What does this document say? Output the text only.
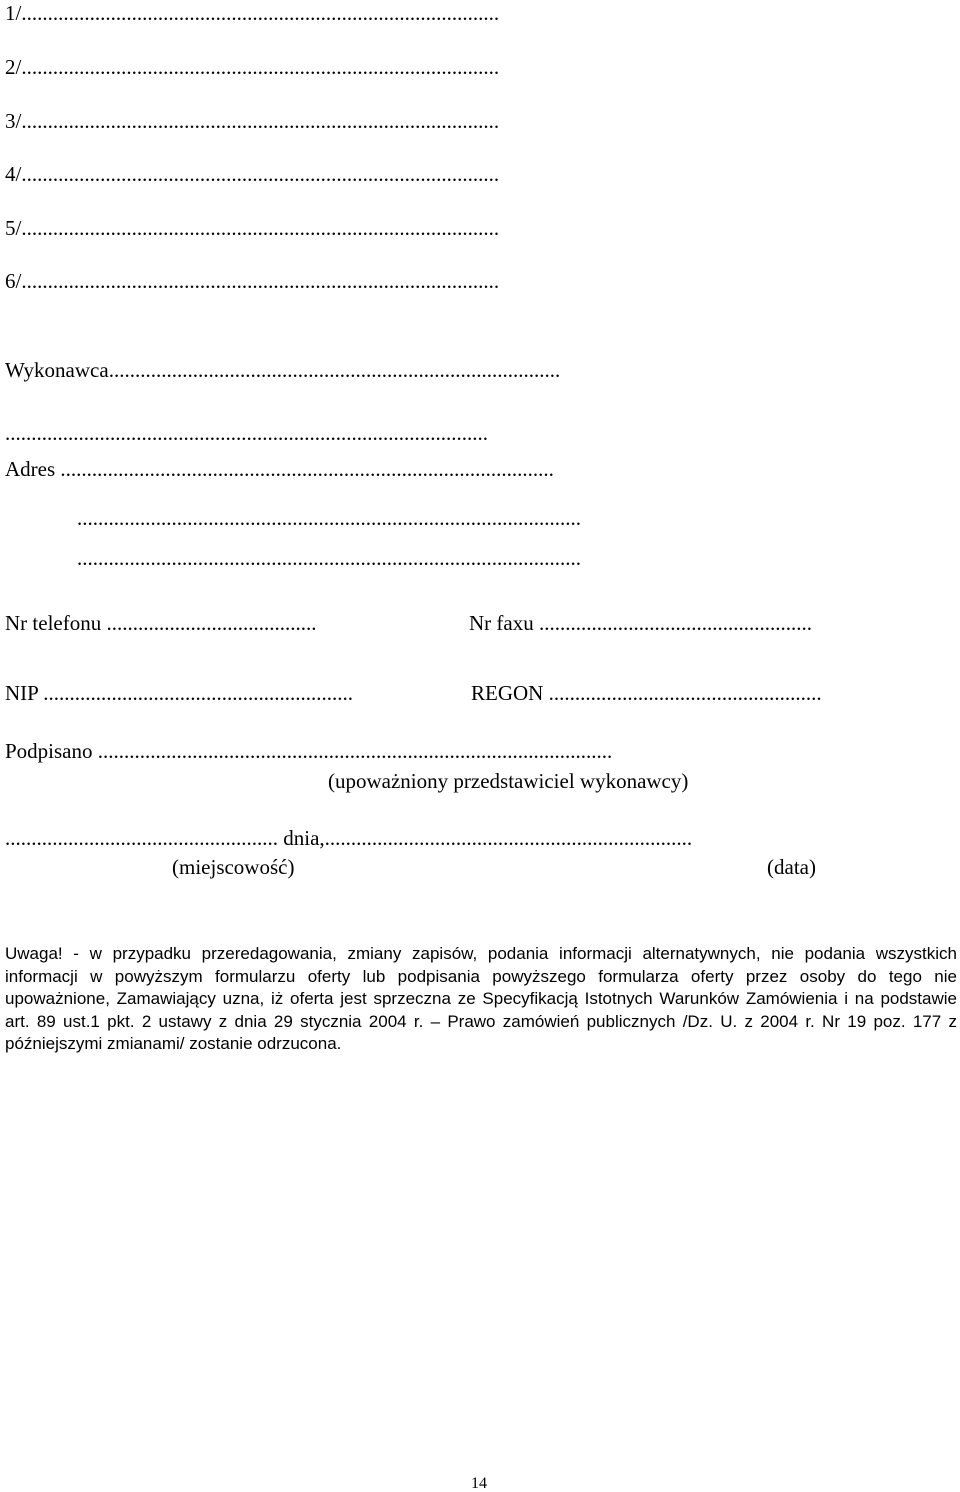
1/...........................................................................................
2/...........................................................................................
3/...........................................................................................
4/...........................................................................................
5/...........................................................................................
6/...........................................................................................
Wykonawca......................................................................................
............................................................................................
Adres ..............................................................................................
................................................................................................
................................................................................................
Nr telefonu ........................................	Nr faxu ....................................................
NIP ...........................................................	REGON ....................................................
Podpisano ..................................................................................................
(upoważniony przedstawiciel wykonawcy)
.................................................... dnia,......................................................................
(miejscowość)	(data)
Uwaga! - w przypadku przeredagowania, zmiany zapisów, podania informacji alternatywnych, nie podania wszystkich informacji w powyższym formularzu oferty lub podpisania powyższego formularza oferty przez osoby do tego nie upoważnione, Zamawiający uzna, iż oferta jest sprzeczna ze Specyfikacją Istotnych Warunków Zamówienia i na podstawie art. 89 ust.1 pkt. 2 ustawy z dnia 29 stycznia 2004 r. – Prawo zamówień publicznych /Dz. U. z 2004 r. Nr 19 poz. 177 z późniejszymi zmianami/ zostanie odrzucona.
14
